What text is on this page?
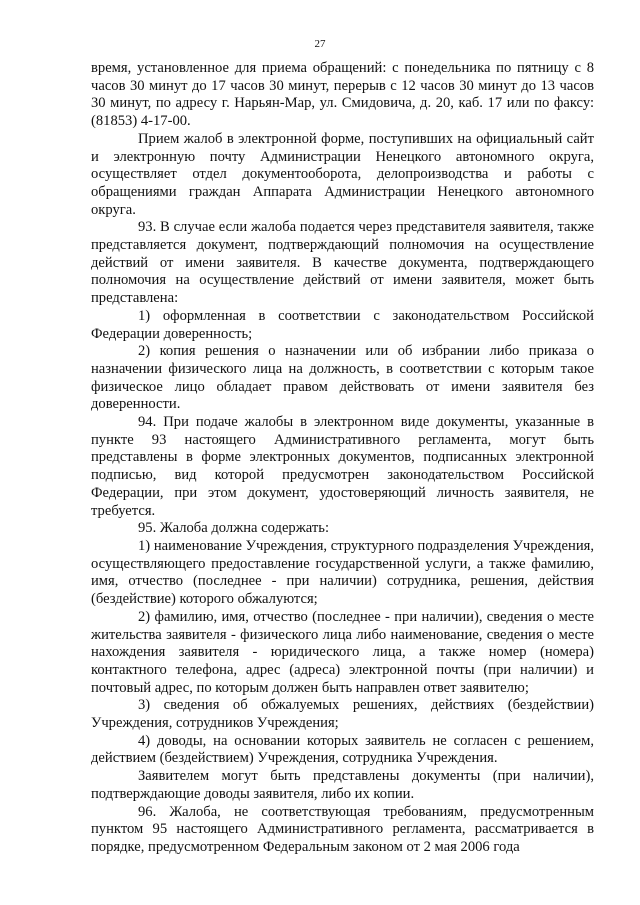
27

время, установленное для приема обращений: с понедельника по пятницу с 8 часов 30 минут до 17 часов 30 минут, перерыв с 12 часов 30 минут до 13 часов 30 минут, по адресу г. Нарьян-Мар, ул. Смидовича, д. 20, каб. 17 или по факсу: (81853) 4-17-00.

Прием жалоб в электронной форме, поступивших на официальный сайт и электронную почту Администрации Ненецкого автономного округа, осуществляет отдел документооборота, делопроизводства и работы с обращениями граждан Аппарата Администрации Ненецкого автономного округа.

93. В случае если жалоба подается через представителя заявителя, также представляется документ, подтверждающий полномочия на осуществление действий от имени заявителя. В качестве документа, подтверждающего полномочия на осуществление действий от имени заявителя, может быть представлена:

1) оформленная в соответствии с законодательством Российской Федерации доверенность;

2) копия решения о назначении или об избрании либо приказа о назначении физического лица на должность, в соответствии с которым такое физическое лицо обладает правом действовать от имени заявителя без доверенности.

94. При подаче жалобы в электронном виде документы, указанные в пункте 93 настоящего Административного регламента, могут быть представлены в форме электронных документов, подписанных электронной подписью, вид которой предусмотрен законодательством Российской Федерации, при этом документ, удостоверяющий личность заявителя, не требуется.

95. Жалоба должна содержать:

1) наименование Учреждения, структурного подразделения Учреждения, осуществляющего предоставление государственной услуги, а также фамилию, имя, отчество (последнее - при наличии) сотрудника, решения, действия (бездействие) которого обжалуются;

2) фамилию, имя, отчество (последнее - при наличии), сведения о месте жительства заявителя - физического лица либо наименование, сведения о месте нахождения заявителя - юридического лица, а также номер (номера) контактного телефона, адрес (адреса) электронной почты (при наличии) и почтовый адрес, по которым должен быть направлен ответ заявителю;

3) сведения об обжалуемых решениях, действиях (бездействии) Учреждения, сотрудников Учреждения;

4) доводы, на основании которых заявитель не согласен с решением, действием (бездействием) Учреждения, сотрудника Учреждения.

Заявителем могут быть представлены документы (при наличии), подтверждающие доводы заявителя, либо их копии.

96. Жалоба, не соответствующая требованиям, предусмотренным пунктом 95 настоящего Административного регламента, рассматривается в порядке, предусмотренном Федеральным законом от 2 мая 2006 года
